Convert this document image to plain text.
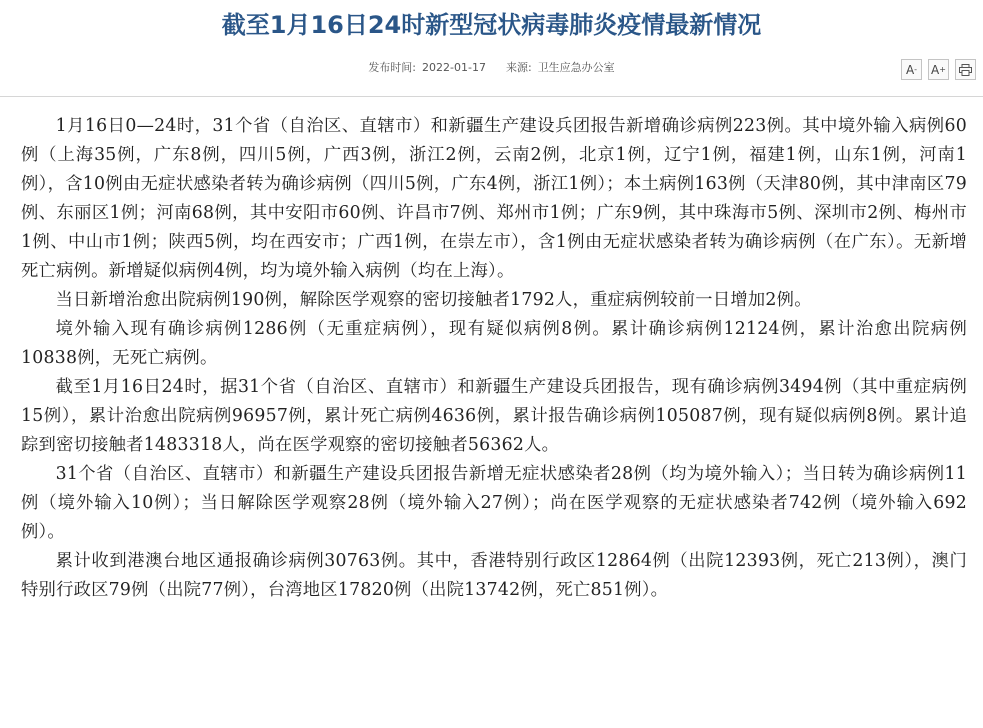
截至1月16日24时新型冠状病毒肺炎疫情最新情况
发布时间: 2022-01-17 来源: 卫生应急办公室	A - A +

1月16日0—24时，31个省（自治区、直辖市）和新疆生产建设兵团报告新增确诊病例223例。其中境外输入病例60例（上海35例，广东8例，四川5例，广西3例，浙江2例，云南2例，北京1例，辽宁1例，福建1例，山东1例，河南1例），含10例由无症状感染者转为确诊病例（四川5例，广东4例，浙江1例）；本土病例163例（天津80例，其中津南区79例、东丽区1例；河南68例，其中安阳市60例、许昌市7例、郑州市1例；广东9例，其中珠海市5例、深圳市2例、梅州市1例、中山市1例；陕西5例，均在西安市；广西1例，在崇左市），含1例由无症状感染者转为确诊病例（在广东）。无新增死亡病例。新增疑似病例4例，均为境外输入病例（均在上海）。

当日新增治愈出院病例190例，解除医学观察的密切接触者1792人，重症病例较前一日增加2例。

境外输入现有确诊病例1286例（无重症病例），现有疑似病例8例。累计确诊病例12124例，累计治愈出院病例10838例，无死亡病例。

截至1月16日24时，据31个省（自治区、直辖市）和新疆生产建设兵团报告，现有确诊病例3494例（其中重症病例15例），累计治愈出院病例96957例，累计死亡病例4636例，累计报告确诊病例105087例，现有疑似病例8例。累计追踪到密切接触者1483318人，尚在医学观察的密切接触者56362人。

31个省（自治区、直辖市）和新疆生产建设兵团报告新增无症状感染者28例（均为境外输入）；当日转为确诊病例11例（境外输入10例）；当日解除医学观察28例（境外输入27例）；尚在医学观察的无症状感染者742例（境外输入692例）。

累计收到港澳台地区通报确诊病例30763例。其中，香港特别行政区12864例（出院12393例，死亡213例），澳门特别行政区79例（出院77例），台湾地区17820例（出院13742例，死亡851例）。
